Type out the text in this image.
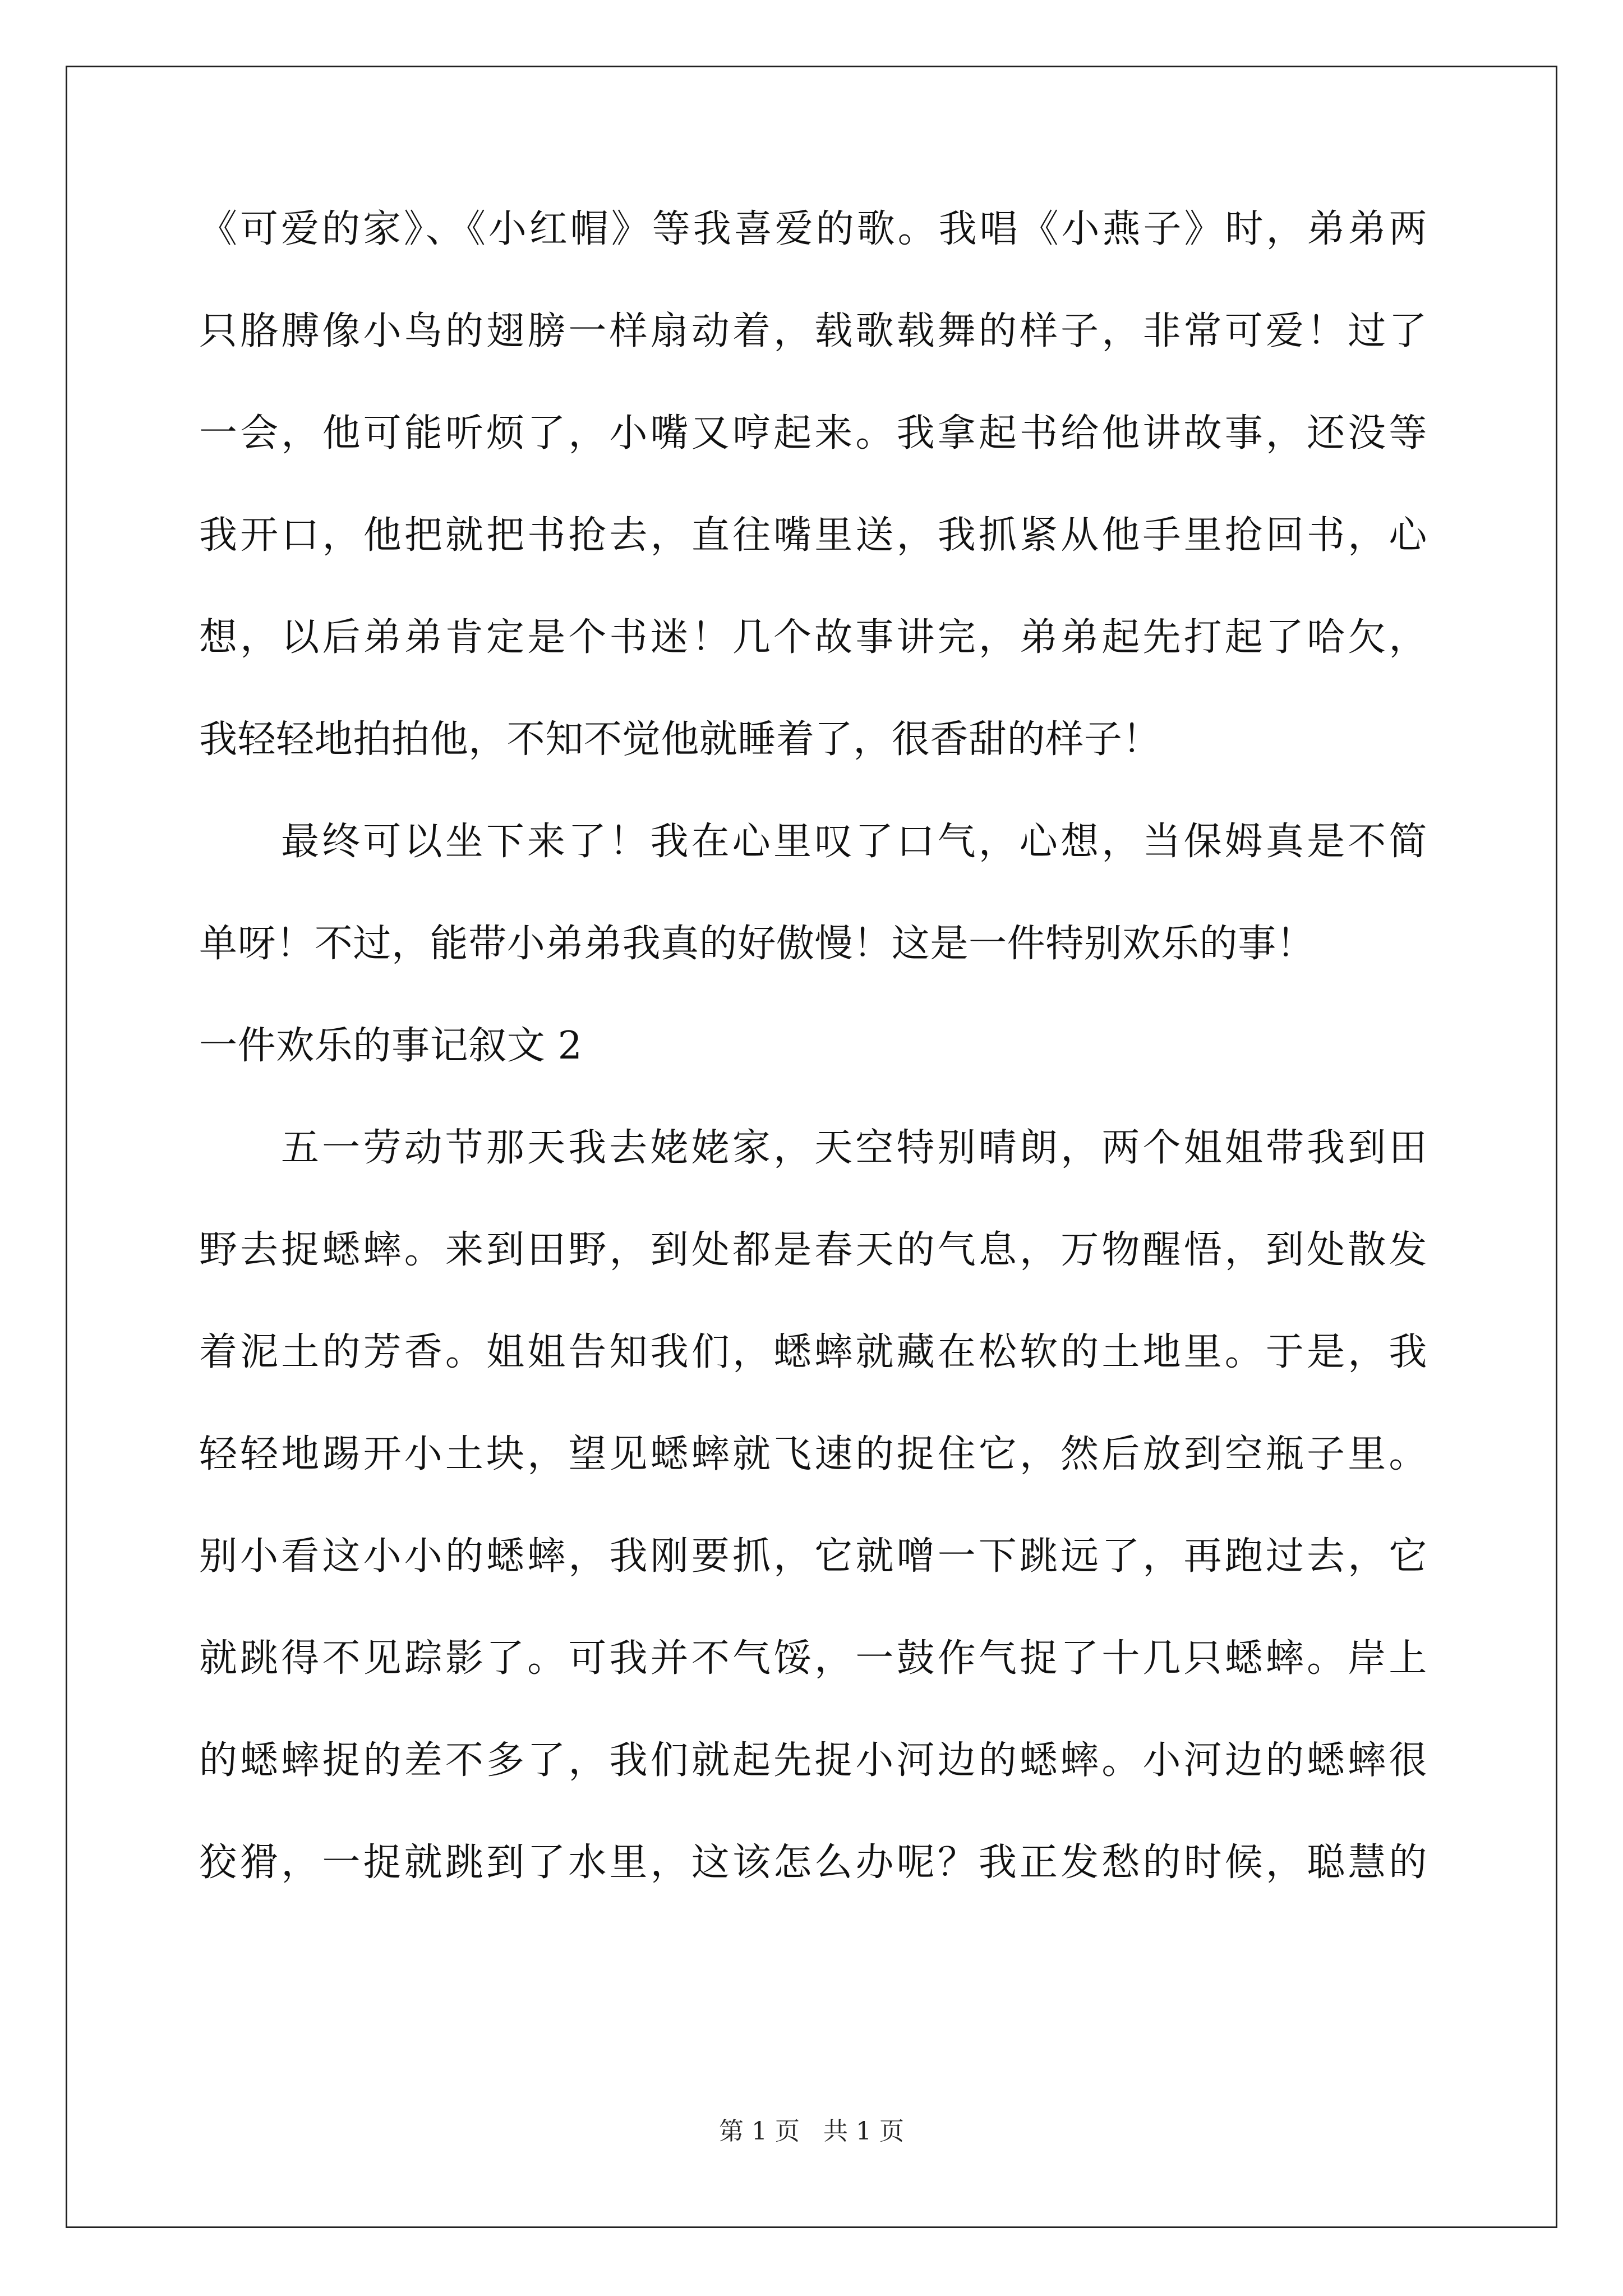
《可爱的家》、《小红帽》等我喜爱的歌。我唱《小燕子》时，弟弟两
只胳膊像小鸟的翅膀一样扇动着，载歌载舞的样子，非常可爱！过了
一会，他可能听烦了，小嘴又哼起来。我拿起书给他讲故事，还没等
我开口，他把就把书抢去，直往嘴里送，我抓紧从他手里抢回书，心
想，以后弟弟肯定是个书迷！几个故事讲完，弟弟起先打起了哈欠，
我轻轻地拍拍他，不知不觉他就睡着了，很香甜的样子！
最终可以坐下来了！我在心里叹了口气，心想，当保姆真是不简
单呀！不过，能带小弟弟我真的好傲慢！这是一件特别欢乐的事！
一件欢乐的事记叙文 2
五一劳动节那天我去姥姥家，天空特别晴朗，两个姐姐带我到田
野去捉蟋蟀。来到田野，到处都是春天的气息，万物醒悟，到处散发
着泥土的芳香。姐姐告知我们，蟋蟀就藏在松软的土地里。于是，我
轻轻地踢开小土块，望见蟋蟀就飞速的捉住它，然后放到空瓶子里。
别小看这小小的蟋蟀，我刚要抓，它就噌一下跳远了，再跑过去，它
就跳得不见踪影了。可我并不气馁，一鼓作气捉了十几只蟋蟀。岸上
的蟋蟀捉的差不多了，我们就起先捉小河边的蟋蟀。小河边的蟋蟀很
狡猾，一捉就跳到了水里，这该怎么办呢？我正发愁的时候，聪慧的
第 1 页   共 1 页
